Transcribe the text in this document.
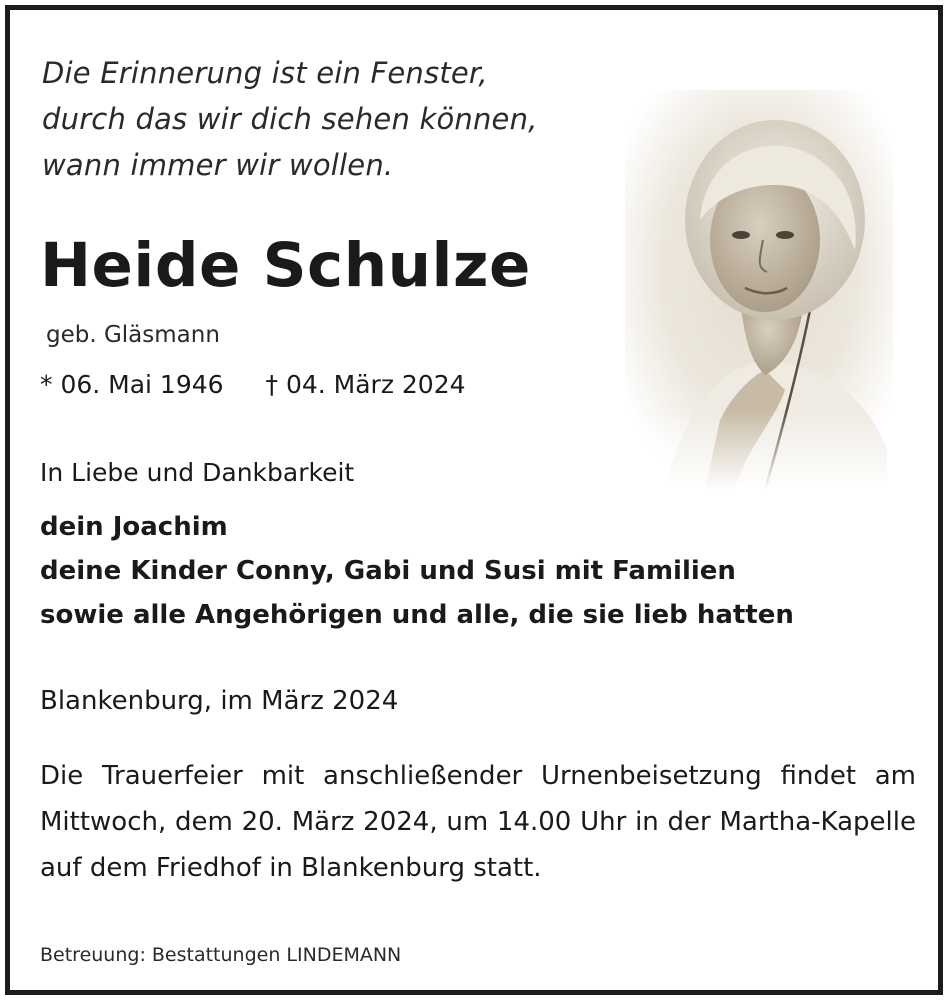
Die Erinnerung ist ein Fenster,
durch das wir dich sehen können,
wann immer wir wollen.
Heide Schulze
geb. Gläsmann
* 06. Mai 1946 † 04. März 2024
In Liebe und Dankbarkeit
dein Joachim
deine Kinder Conny, Gabi und Susi mit Familien
sowie alle Angehörigen und alle, die sie lieb hatten
Blankenburg, im März 2024

Die Trauerfeier mit anschließender Urnenbeisetzung findet am Mittwoch, dem 20. März 2024, um 14.00 Uhr in der Martha-Kapelle auf dem Friedhof in Blankenburg statt.

Betreuung: Bestattungen LINDEMANN
